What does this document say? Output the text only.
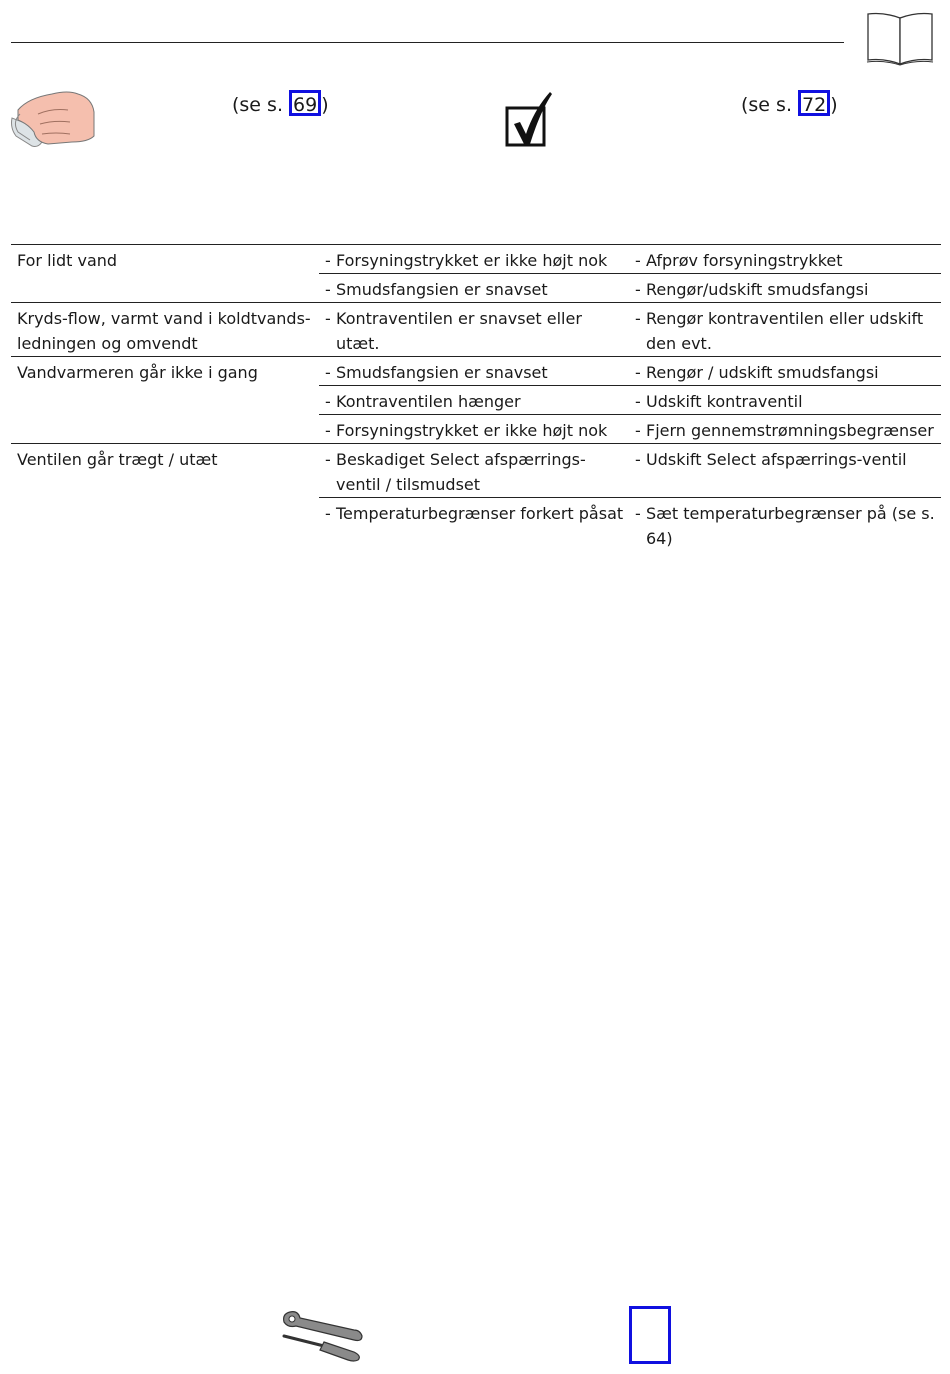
(se s. 69 )	(se s. 72 )
For lidt vand	- Forsyningstrykket er ikke højt nok	- Afprøv forsyningstrykket
	- Smudsfangsien er snavset	- Rengør/udskift smudsfangsi
Kryds-flow, varmt vand i koldtvands-ledningen og omvendt	- Kontraventilen er snavset eller utæt.	- Rengør kontraventilen eller udskift den evt.
Vandvarmeren går ikke i gang	- Smudsfangsien er snavset	- Rengør / udskift smudsfangsi
	- Kontraventilen hænger	- Udskift kontraventil
	- Forsyningstrykket er ikke højt nok	- Fjern gennemstrømningsbegrænser
Ventilen går trægt / utæt	- Beskadiget Select afspærrings-ventil / tilsmudset	- Udskift Select afspærrings-ventil
	- Temperaturbegrænser forkert påsat	- Sæt temperaturbegrænser på (se s. 64)
